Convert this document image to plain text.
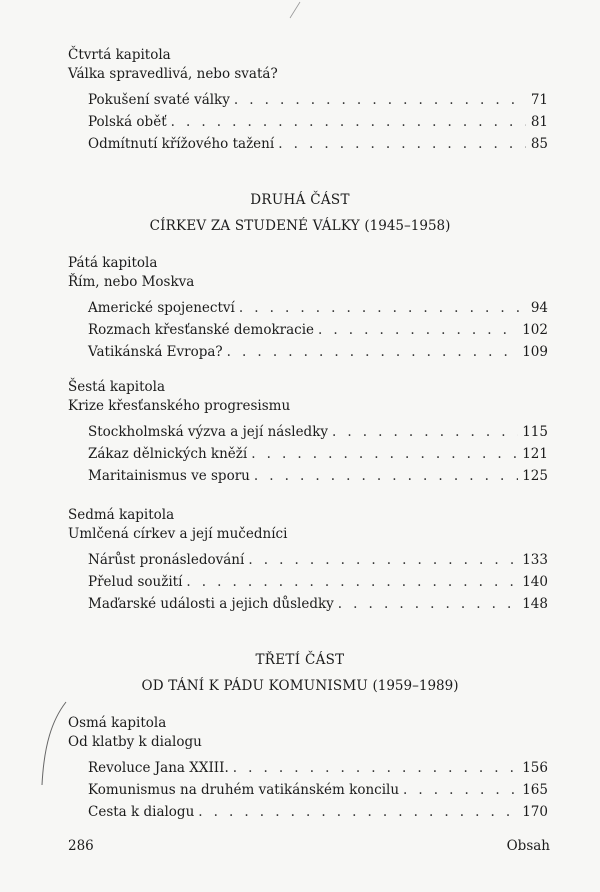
Čtvrtá kapitola
Válka spravedlivá, nebo svatá?
Pokušení svaté války . . .	71
Polská oběť . . .	81
Odmítnutí křížového tažení . . .	85
DRUHÁ ČÁST
CÍRKEV ZA STUDENÉ VÁLKY (1945–1958)
Pátá kapitola
Řím, nebo Moskva
Americké spojenectví . . .	94
Rozmach křesťanské demokracie . . .	102
Vatikánská Evropa? . . .	109
Šestá kapitola
Krize křesťanského progresismu
Stockholmská výzva a její následky . . .	115
Zákaz dělnických kněží . . .	121
Maritainismus ve sporu . . .	125
Sedmá kapitola
Umlčená církev a její mučedníci
Nárůst pronásledování . . .	133
Přelud soužití . . .	140
Maďarské události a jejich důsledky . . .	148
TŘETÍ ČÁST
OD TÁNÍ K PÁDU KOMUNISMU (1959–1989)
Osmá kapitola
Od klatby k dialogu
Revoluce Jana XXIII. . . .	156
Komunismus na druhém vatikánském koncilu . . .	165
Cesta k dialogu . . .	170
286	Obsah
